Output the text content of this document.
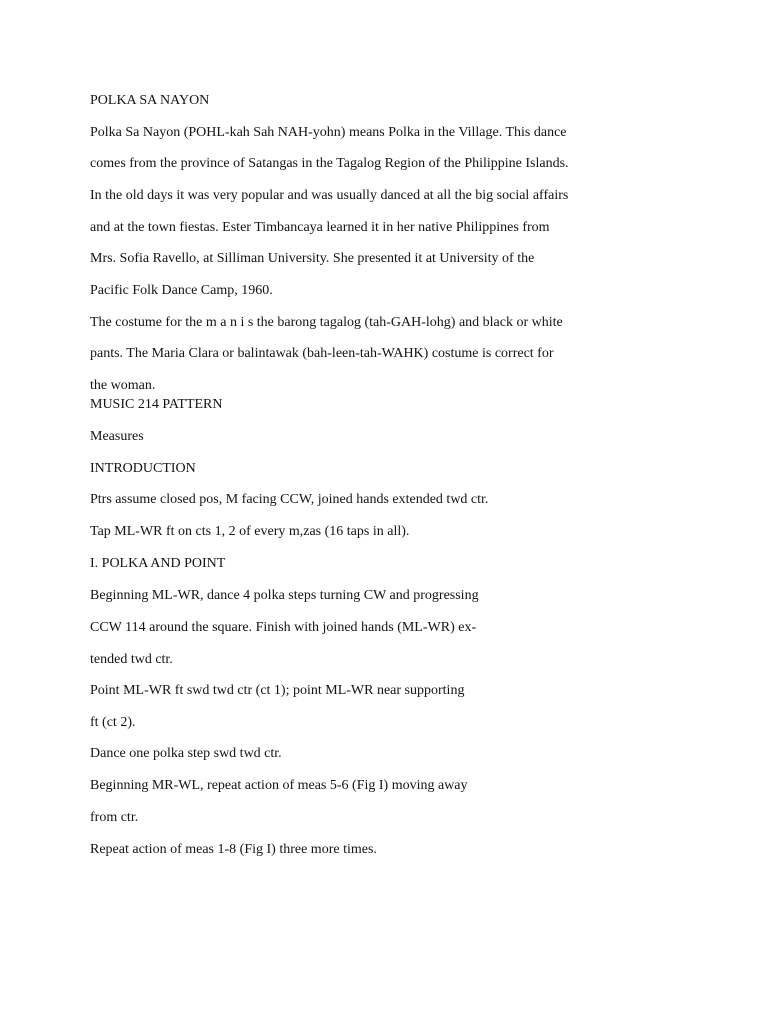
POLKA SA NAYON
Polka Sa Nayon (POHL-kah Sah NAH-yohn) means Polka in the Village. This dance
comes from the province of Satangas in the Tagalog Region of the Philippine Islands.
In the old days it was very popular and was usually danced at all the big social affairs
and at the town fiestas. Ester Timbancaya learned it in her native Philippines from
Mrs. Sofia Ravello, at Silliman University. She presented it at University of the
Pacific Folk Dance Camp, 1960.
The costume for the m a n i s the barong tagalog (tah-GAH-lohg) and black or white
pants. The Maria Clara or balintawak (bah-leen-tah-WAHK) costume is correct for
the woman.
MUSIC 214 PATTERN
Measures
INTRODUCTION
Ptrs assume closed pos, M facing CCW, joined hands extended twd ctr.
Tap ML-WR ft on cts 1, 2 of every m,zas (16 taps in all).
I. POLKA AND POINT
Beginning ML-WR, dance 4 polka steps turning CW and progressing
CCW 114 around the square. Finish with joined hands (ML-WR) ex-
tended twd ctr.
Point ML-WR ft swd twd ctr (ct 1); point ML-WR near supporting
ft (ct 2).
Dance one polka step swd twd ctr.
Beginning MR-WL, repeat action of meas 5-6 (Fig I) moving away
from ctr.
Repeat action of meas 1-8 (Fig I) three more times.
